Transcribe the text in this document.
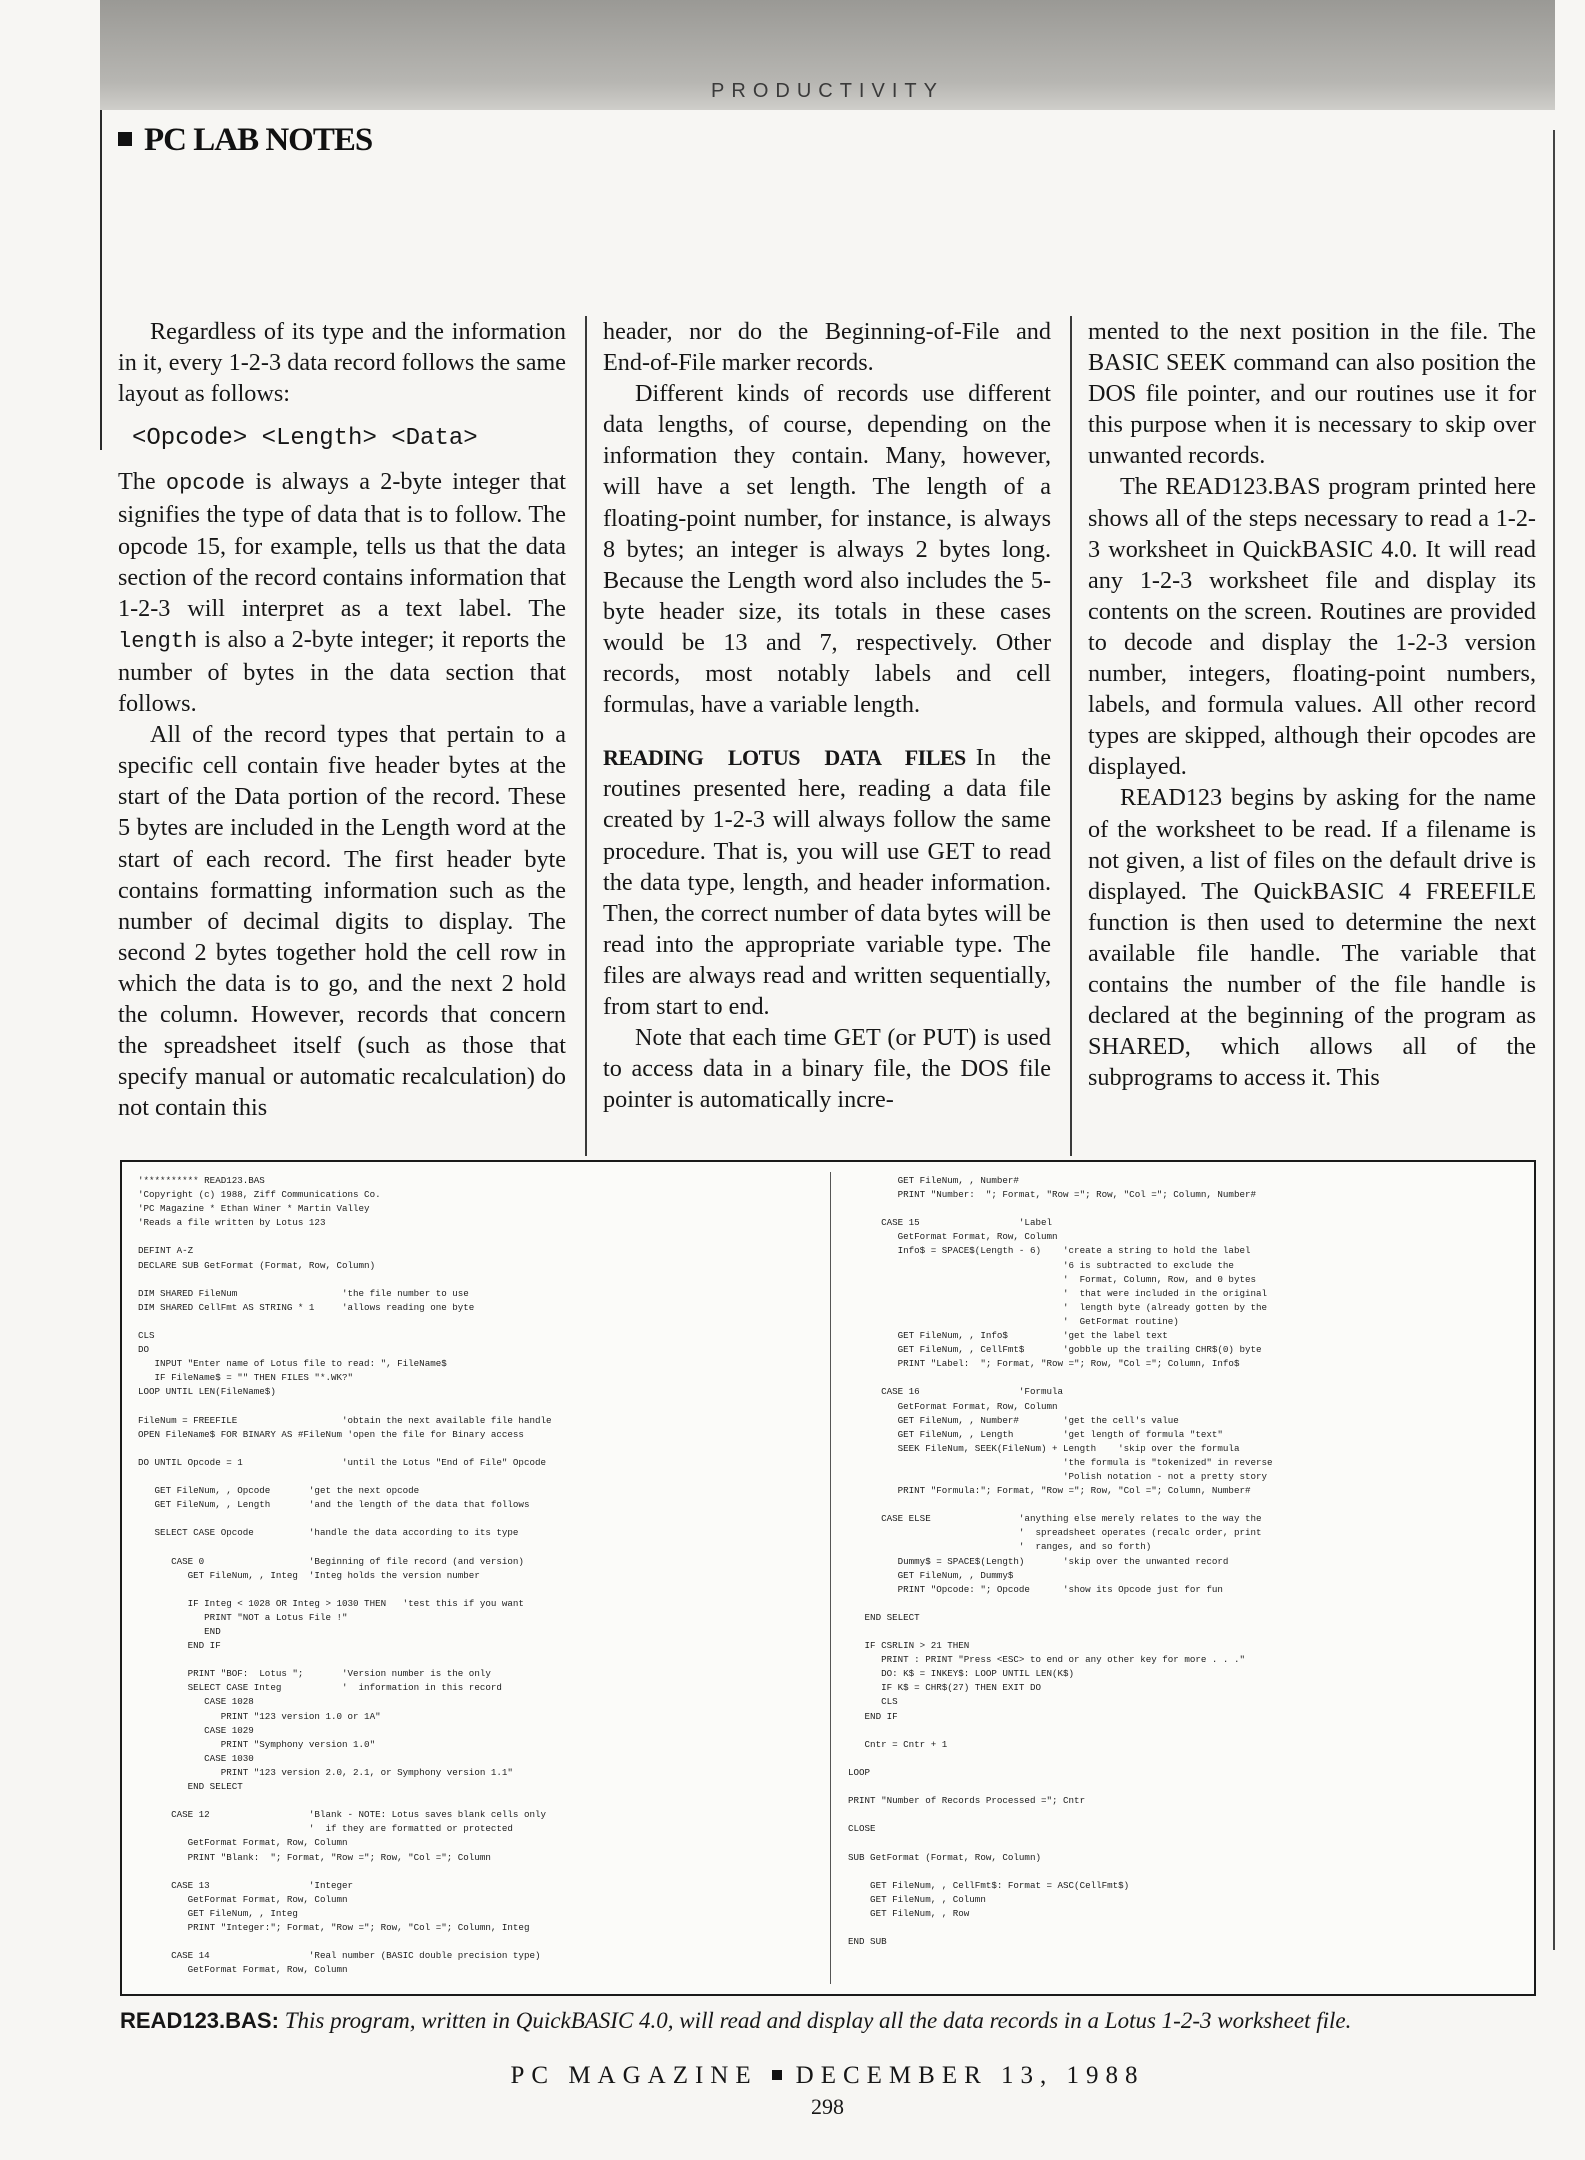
PRODUCTIVITY
PC LAB NOTES

Regardless of its type and the information in it, every 1-2-3 data record follows the same layout as follows:

<Opcode> <Length> <Data>

The opcode is always a 2-byte integer that signifies the type of data that is to follow. The opcode 15, for example, tells us that the data section of the record contains information that 1-2-3 will interpret as a text label. The length is also a 2-byte integer; it reports the number of bytes in the data section that follows.

All of the record types that pertain to a specific cell contain five header bytes at the start of the Data portion of the record. These 5 bytes are included in the Length word at the start of each record. The first header byte contains formatting information such as the number of decimal digits to display. The second 2 bytes together hold the cell row in which the data is to go, and the next 2 hold the column. However, records that concern the spreadsheet itself (such as those that specify manual or automatic recalculation) do not contain this

header, nor do the Beginning-of-File and End-of-File marker records.

Different kinds of records use different data lengths, of course, depending on the information they contain. Many, however, will have a set length. The length of a floating-point number, for instance, is always 8 bytes; an integer is always 2 bytes long. Because the Length word also includes the 5-byte header size, its totals in these cases would be 13 and 7, respectively. Other records, most notably labels and cell formulas, have a variable length.

READING LOTUS DATA FILES In the routines presented here, reading a data file created by 1-2-3 will always follow the same procedure. That is, you will use GET to read the data type, length, and header information. Then, the correct number of data bytes will be read into the appropriate variable type. The files are always read and written sequentially, from start to end.

Note that each time GET (or PUT) is used to access data in a binary file, the DOS file pointer is automatically incre-

mented to the next position in the file. The BASIC SEEK command can also position the DOS file pointer, and our routines use it for this purpose when it is necessary to skip over unwanted records.

The READ123.BAS program printed here shows all of the steps necessary to read a 1-2-3 worksheet in QuickBASIC 4.0. It will read any 1-2-3 worksheet file and display its contents on the screen. Routines are provided to decode and display the 1-2-3 version number, integers, floating-point numbers, labels, and formula values. All other record types are skipped, although their opcodes are displayed.

READ123 begins by asking for the name of the worksheet to be read. If a filename is not given, a list of files on the default drive is displayed. The QuickBASIC 4 FREEFILE function is then used to determine the next available file handle. The variable that contains the number of the file handle is declared at the beginning of the program as SHARED, which allows all of the subprograms to access it. This

'********** READ123.BAS
'Copyright (c) 1988, Ziff Communications Co.
'PC Magazine * Ethan Winer * Martin Valley
'Reads a file written by Lotus 123

DEFINT A-Z
DECLARE SUB GetFormat (Format, Row, Column)

DIM SHARED FileNum                   'the file number to use
DIM SHARED CellFmt AS STRING * 1     'allows reading one byte

CLS
DO
INPUT "Enter name of Lotus file to read: ", FileName$
IF FileName$ = "" THEN FILES "*.WK?"
LOOP UNTIL LEN(FileName$)

FileNum = FREEFILE                   'obtain the next available file handle
OPEN FileName$ FOR BINARY AS #FileNum 'open the file for Binary access

DO UNTIL Opcode = 1                  'until the Lotus "End of File" Opcode

GET FileNum, , Opcode       'get the next opcode
GET FileNum, , Length       'and the length of the data that follows

SELECT CASE Opcode          'handle the data according to its type

CASE 0                   'Beginning of file record (and version)
GET FileNum, , Integ  'Integ holds the version number

IF Integ < 1028 OR Integ > 1030 THEN   'test this if you want
PRINT "NOT a Lotus File !"
END
END IF

PRINT "BOF:  Lotus ";       'Version number is the only
SELECT CASE Integ           '  information in this record
CASE 1028
PRINT "123 version 1.0 or 1A"
CASE 1029
PRINT "Symphony version 1.0"
CASE 1030
PRINT "123 version 2.0, 2.1, or Symphony version 1.1"
END SELECT

CASE 12                  'Blank - NOTE: Lotus saves blank cells only
'  if they are formatted or protected
GetFormat Format, Row, Column
PRINT "Blank:  "; Format, "Row ="; Row, "Col ="; Column

CASE 13                  'Integer
GetFormat Format, Row, Column
GET FileNum, , Integ
PRINT "Integer:"; Format, "Row ="; Row, "Col ="; Column, Integ

CASE 14                  'Real number (BASIC double precision type)
GetFormat Format, Row, Column
GET FileNum, , Number#
PRINT "Number:  "; Format, "Row ="; Row, "Col ="; Column, Number#

CASE 15                  'Label
GetFormat Format, Row, Column
Info$ = SPACE$(Length - 6)    'create a string to hold the label
'6 is subtracted to exclude the
'  Format, Column, Row, and 0 bytes
'  that were included in the original
'  length byte (already gotten by the
'  GetFormat routine)
GET FileNum, , Info$          'get the label text
GET FileNum, , CellFmt$       'gobble up the trailing CHR$(0) byte
PRINT "Label:  "; Format, "Row ="; Row, "Col ="; Column, Info$

CASE 16                  'Formula
GetFormat Format, Row, Column
GET FileNum, , Number#        'get the cell's value
GET FileNum, , Length         'get length of formula "text"
SEEK FileNum, SEEK(FileNum) + Length    'skip over the formula
'the formula is "tokenized" in reverse
'Polish notation - not a pretty story
PRINT "Formula:"; Format, "Row ="; Row, "Col ="; Column, Number#

CASE ELSE                'anything else merely relates to the way the
'  spreadsheet operates (recalc order, print
'  ranges, and so forth)
Dummy$ = SPACE$(Length)       'skip over the unwanted record
GET FileNum, , Dummy$
PRINT "Opcode: "; Opcode      'show its Opcode just for fun

END SELECT

IF CSRLIN > 21 THEN
PRINT : PRINT "Press <ESC> to end or any other key for more . . ."
DO: K$ = INKEY$: LOOP UNTIL LEN(K$)
IF K$ = CHR$(27) THEN EXIT DO
CLS
END IF

Cntr = Cntr + 1

LOOP

PRINT "Number of Records Processed ="; Cntr

CLOSE

SUB GetFormat (Format, Row, Column)

GET FileNum, , CellFmt$: Format = ASC(CellFmt$)
GET FileNum, , Column
GET FileNum, , Row

END SUB
READ123.BAS: This program, written in QuickBASIC 4.0, will read and display all the data records in a Lotus 1-2-3 worksheet file.
PC MAGAZINE DECEMBER 13, 1988
298
